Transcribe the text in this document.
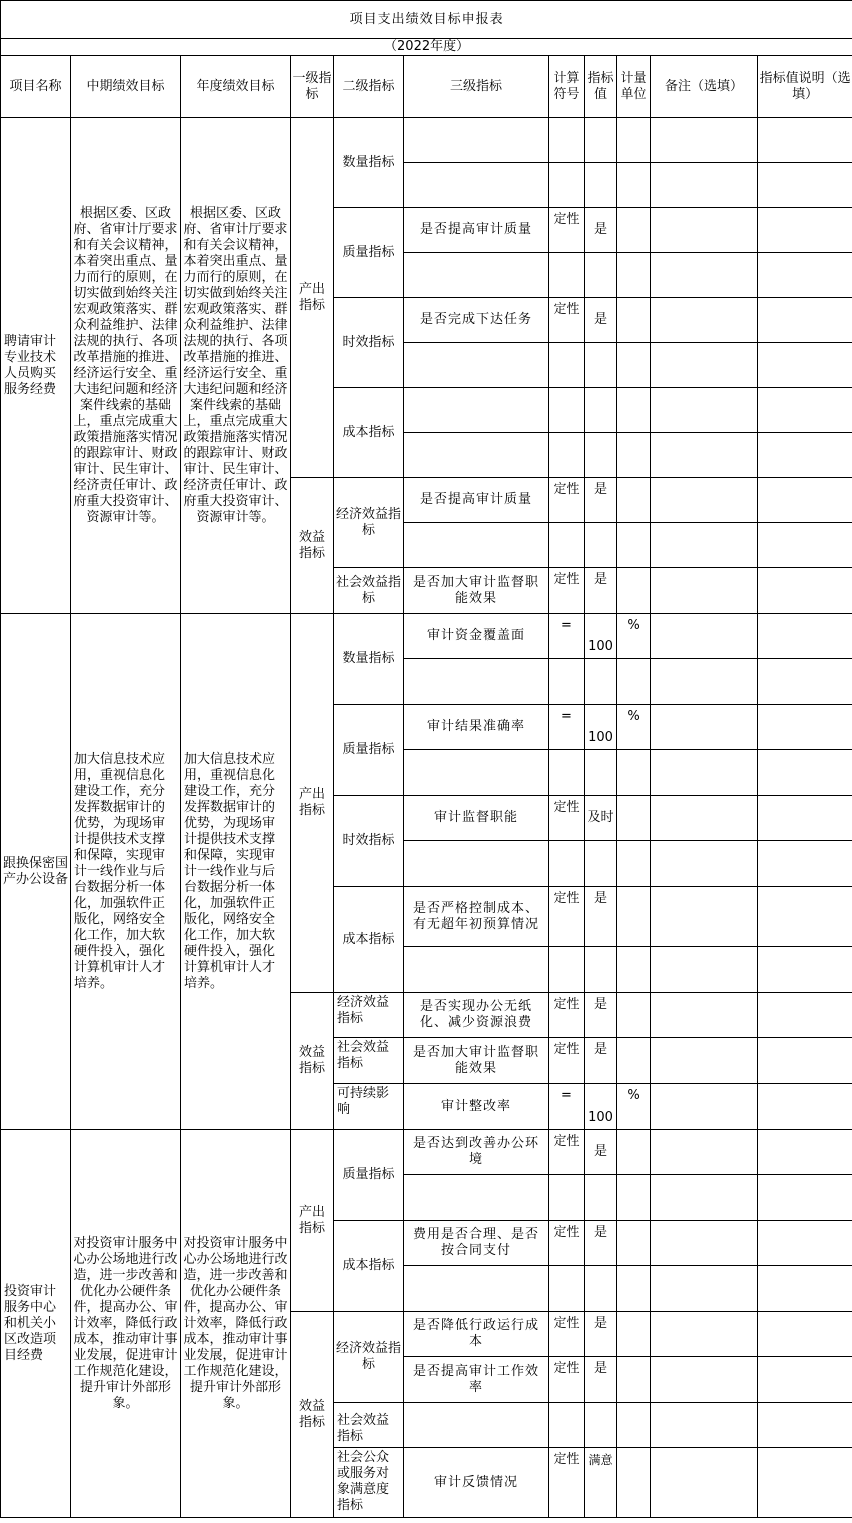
项目支出绩效目标申报表										
（2022年度）										
项目名称	中期绩效目标	年度绩效目标	一级指标	二级指标	三级指标	计算符号	指标值	计量单位	备注（选填）	指标值说明（选填）
聘请审计专业技术人员购买服务经费	根据区委、区政府、省审计厅要求和有关会议精神，本着突出重点、量力而行的原则，在切实做到始终关注宏观政策落实、群众利益维护、法律法规的执行、各项改革措施的推进、经济运行安全、重大违纪问题和经济案件线索的基础上，重点完成重大政策措施落实情况的跟踪审计、财政审计、民生审计、经济责任审计、政府重大投资审计、资源审计等。	根据区委、区政府、省审计厅要求和有关会议精神，本着突出重点、量力而行的原则，在切实做到始终关注宏观政策落实、群众利益维护、法律法规的执行、各项改革措施的推进、经济运行安全、重大违纪问题和经济案件线索的基础上，重点完成重大政策措施落实情况的跟踪审计、财政审计、民生审计、经济责任审计、政府重大投资审计、资源审计等。	产出指标	数量指标						

				质量指标	是否提高审计质量	定性	是			

				时效指标	是否完成下达任务	定性	是			

				成本指标						

			效益指标	经济效益指标	是否提高审计质量	定性	是			

				社会效益指标	是否加大审计监督职能效果	定性	是			
跟换保密国产办公设备	加大信息技术应用，重视信息化建设工作，充分发挥数据审计的优势，为现场审计提供技术支撑和保障，实现审计一线作业与后台数据分析一体化，加强软件正版化，网络安全化工作，加大软硬件投入，强化计算机审计人才培养。	加大信息技术应用，重视信息化建设工作，充分发挥数据审计的优势，为现场审计提供技术支撑和保障，实现审计一线作业与后台数据分析一体化，加强软件正版化，网络安全化工作，加大软硬件投入，强化计算机审计人才培养。	产出指标	数量指标	审计资金覆盖面	=	100	%		

				质量指标	审计结果准确率	=	100	%		

				时效指标	审计监督职能	定性	及时			

				成本指标	是否严格控制成本、有无超年初预算情况	定性	是			

			效益指标	经济效益指标	是否实现办公无纸化、减少资源浪费	定性	是			
				社会效益指标	是否加大审计监督职能效果	定性	是			
				可持续影响	审计整改率	=	100	%		
投资审计服务中心和机关小区改造项目经费	对投资审计服务中心办公场地进行改造，进一步改善和优化办公硬件条件，提高办公、审计效率，降低行政成本，推动审计事业发展，促进审计工作规范化建设，提升审计外部形象。	对投资审计服务中心办公场地进行改造，进一步改善和优化办公硬件条件，提高办公、审计效率，降低行政成本，推动审计事业发展，促进审计工作规范化建设，提升审计外部形象。	产出指标	质量指标	是否达到改善办公环境	定性	是			

				成本指标	费用是否合理、是否按合同支付	定性	是			

			效益指标	经济效益指标	是否降低行政运行成本	定性	是			
					是否提高审计工作效率	定性	是			
				社会效益指标						
				社会公众或服务对象满意度指标	审计反馈情况	定性	满意			
